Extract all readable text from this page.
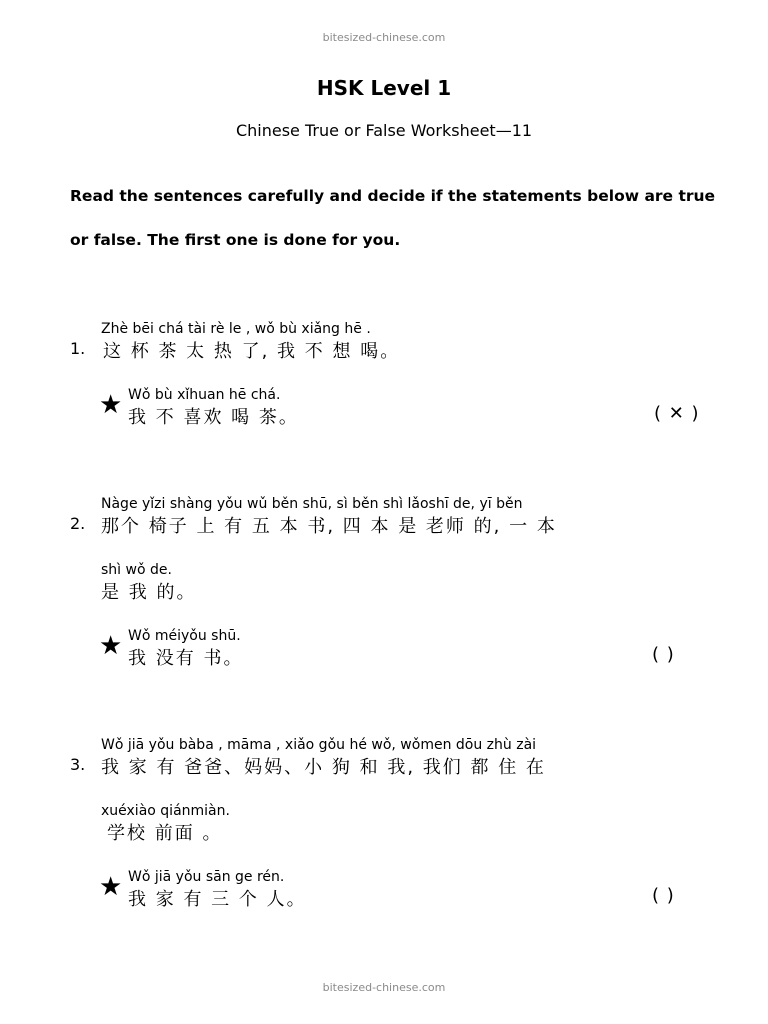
bitesized-chinese.com
HSK Level 1
Chinese True or False Worksheet—11
Read the sentences carefully and decide if the statements below are true
or false. The first one is done for you.
Zhè bēi chá tài rè le , wǒ bù xiǎng hē .
1. 这 杯 茶 太 热 了, 我 不 想 喝。
★ Wǒ bù xǐhuan hē chá.
我 不 喜欢 喝 茶。	( ✕ )
Nàge yǐzi shàng yǒu wǔ běn shū, sì běn shì lǎoshī de, yī běn
2. 那个 椅子 上 有 五 本 书, 四 本 是 老师 的, 一 本
shì wǒ de.
是 我 的。
★ Wǒ méiyǒu shū.
我 没有 书。	( )
Wǒ jiā yǒu bàba , māma , xiǎo gǒu hé wǒ, wǒmen dōu zhù zài
3. 我 家 有 爸爸、妈妈、小 狗 和 我, 我们 都 住 在
xuéxiào qiánmiàn.
学校 前面 。
★ Wǒ jiā yǒu sān ge rén.
我 家 有 三 个 人。	( )
bitesized-chinese.com
